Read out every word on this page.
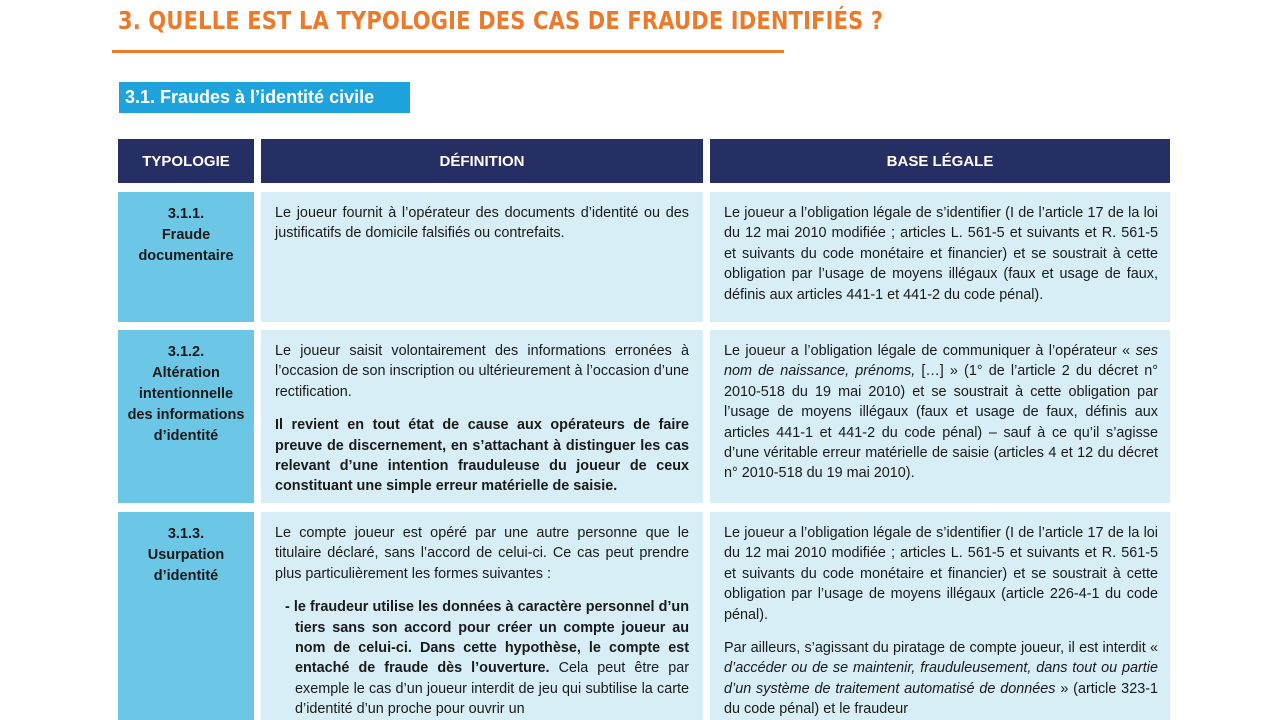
3. QUELLE EST LA TYPOLOGIE DES CAS DE FRAUDE IDENTIFIÉS ?
3.1. Fraudes à l’identité civile
TYPOLOGIE	DÉFINITION	BASE LÉGALE
3.1.1.
Fraude
documentaire

Le joueur fournit à l’opérateur des documents d’identité ou des justificatifs de domicile falsifiés ou contrefaits.

Le joueur a l’obligation légale de s’identifier (I de l’article 17 de la loi du 12 mai 2010 modifiée ; articles L. 561-5 et suivants et R. 561-5 et suivants du code monétaire et financier) et se soustrait à cette obligation par l’usage de moyens illégaux (faux et usage de faux, définis aux articles 441-1 et 441-2 du code pénal).

3.1.2.
Altération
intentionnelle
des informations
d’identité

Le joueur saisit volontairement des informations erronées à l’occasion de son inscription ou ultérieurement à l’occasion d’une rectification.

Il revient en tout état de cause aux opérateurs de faire preuve de discernement, en s’attachant à distinguer les cas relevant d’une intention frauduleuse du joueur de ceux constituant une simple erreur matérielle de saisie.

Le joueur a l’obligation légale de communiquer à l’opérateur « ses nom de naissance, prénoms, […] » (1° de l’article 2 du décret n° 2010-518 du 19 mai 2010) et se soustrait à cette obligation par l’usage de moyens illégaux (faux et usage de faux, définis aux articles 441-1 et 441-2 du code pénal) – sauf à ce qu’il s’agisse d’une véritable erreur matérielle de saisie (articles 4 et 12 du décret n° 2010-518 du 19 mai 2010).

3.1.3.
Usurpation
d’identité

Le compte joueur est opéré par une autre personne que le titulaire déclaré, sans l’accord de celui-ci. Ce cas peut prendre plus particulièrement les formes suivantes :

- le fraudeur utilise les données à caractère personnel d’un tiers sans son accord pour créer un compte joueur au nom de celui-ci. Dans cette hypothèse, le compte est entaché de fraude dès l’ouverture. Cela peut être par exemple le cas d’un joueur interdit de jeu qui subtilise la carte d’identité d’un proche pour ouvrir un

Le joueur a l’obligation légale de s’identifier (I de l’article 17 de la loi du 12 mai 2010 modifiée ; articles L. 561-5 et suivants et R. 561-5 et suivants du code monétaire et financier) et se soustrait à cette obligation par l’usage de moyens illégaux (article 226-4-1 du code pénal).

Par ailleurs, s’agissant du piratage de compte joueur, il est interdit « d’accéder ou de se maintenir, frauduleusement, dans tout ou partie d’un système de traitement automatisé de données » (article 323-1 du code pénal) et le fraudeur
